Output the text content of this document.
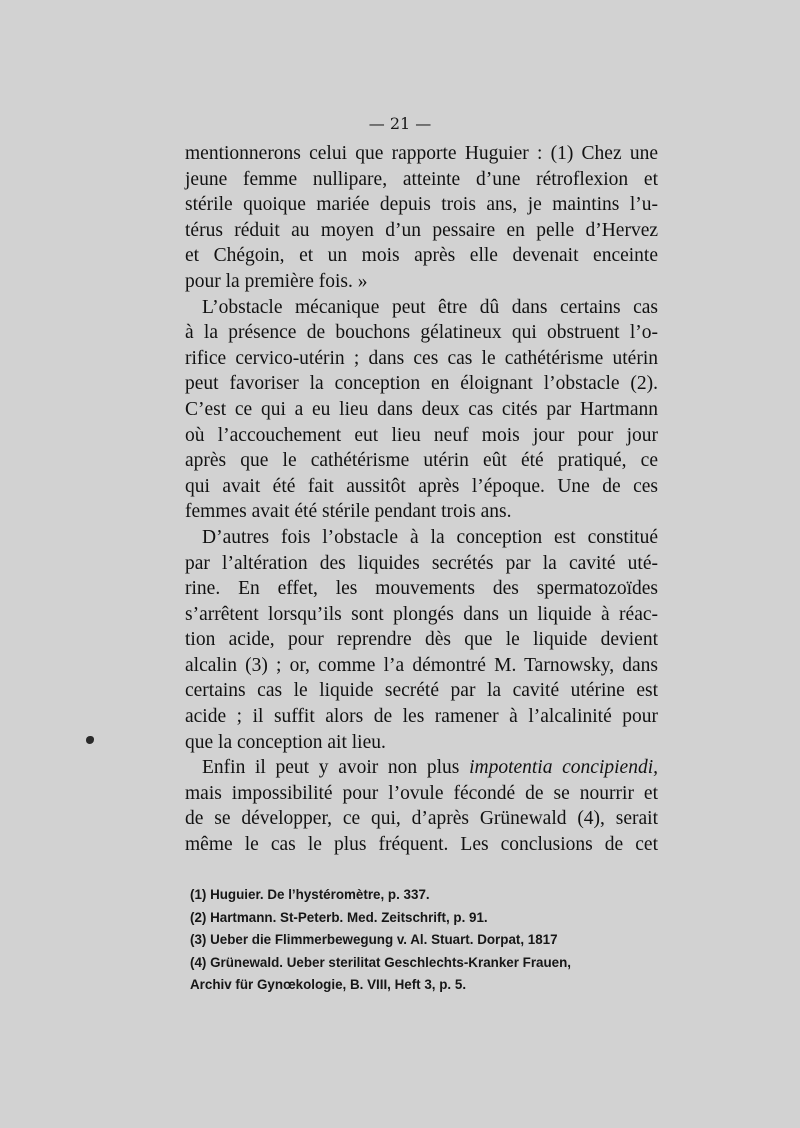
— 21 —
mentionnerons celui que rapporte Huguier : (1) Chez une
jeune femme nullipare, atteinte d’une rétroflexion et
stérile quoique mariée depuis trois ans, je maintins l’u-
térus réduit au moyen d’un pessaire en pelle d’Hervez
et Chégoin, et un mois après elle devenait enceinte
pour la première fois. »
L’obstacle mécanique peut être dû dans certains cas
à la présence de bouchons gélatineux qui obstruent l’o-
rifice cervico-utérin ; dans ces cas le cathétérisme utérin
peut favoriser la conception en éloignant l’obstacle (2).
C’est ce qui a eu lieu dans deux cas cités par Hartmann
où l’accouchement eut lieu neuf mois jour pour jour
après que le cathétérisme utérin eût été pratiqué, ce
qui avait été fait aussitôt après l’époque. Une de ces
femmes avait été stérile pendant trois ans.
D’autres fois l’obstacle à la conception est constitué
par l’altération des liquides secrétés par la cavité uté-
rine. En effet, les mouvements des spermatozoïdes
s’arrêtent lorsqu’ils sont plongés dans un liquide à réac-
tion acide, pour reprendre dès que le liquide devient
alcalin (3) ; or, comme l’a démontré M. Tarnowsky, dans
certains cas le liquide secrété par la cavité utérine est
acide ; il suffit alors de les ramener à l’alcalinité pour
que la conception ait lieu.
Enfin il peut y avoir non plus impotentia concipiendi,
mais impossibilité pour l’ovule fécondé de se nourrir et
de se développer, ce qui, d’après Grünewald (4), serait
même le cas le plus fréquent. Les conclusions de cet
(1) Huguier. De l’hystéromètre, p. 337.
(2) Hartmann. St-Peterb. Med. Zeitschrift, p. 91.
(3) Ueber die Flimmerbewegung v. Al. Stuart. Dorpat, 1817
(4) Grünewald. Ueber sterilitat Geschlechts-Kranker Frauen,
Archiv für Gynœkologie, B. VIII, Heft 3, p. 5.
